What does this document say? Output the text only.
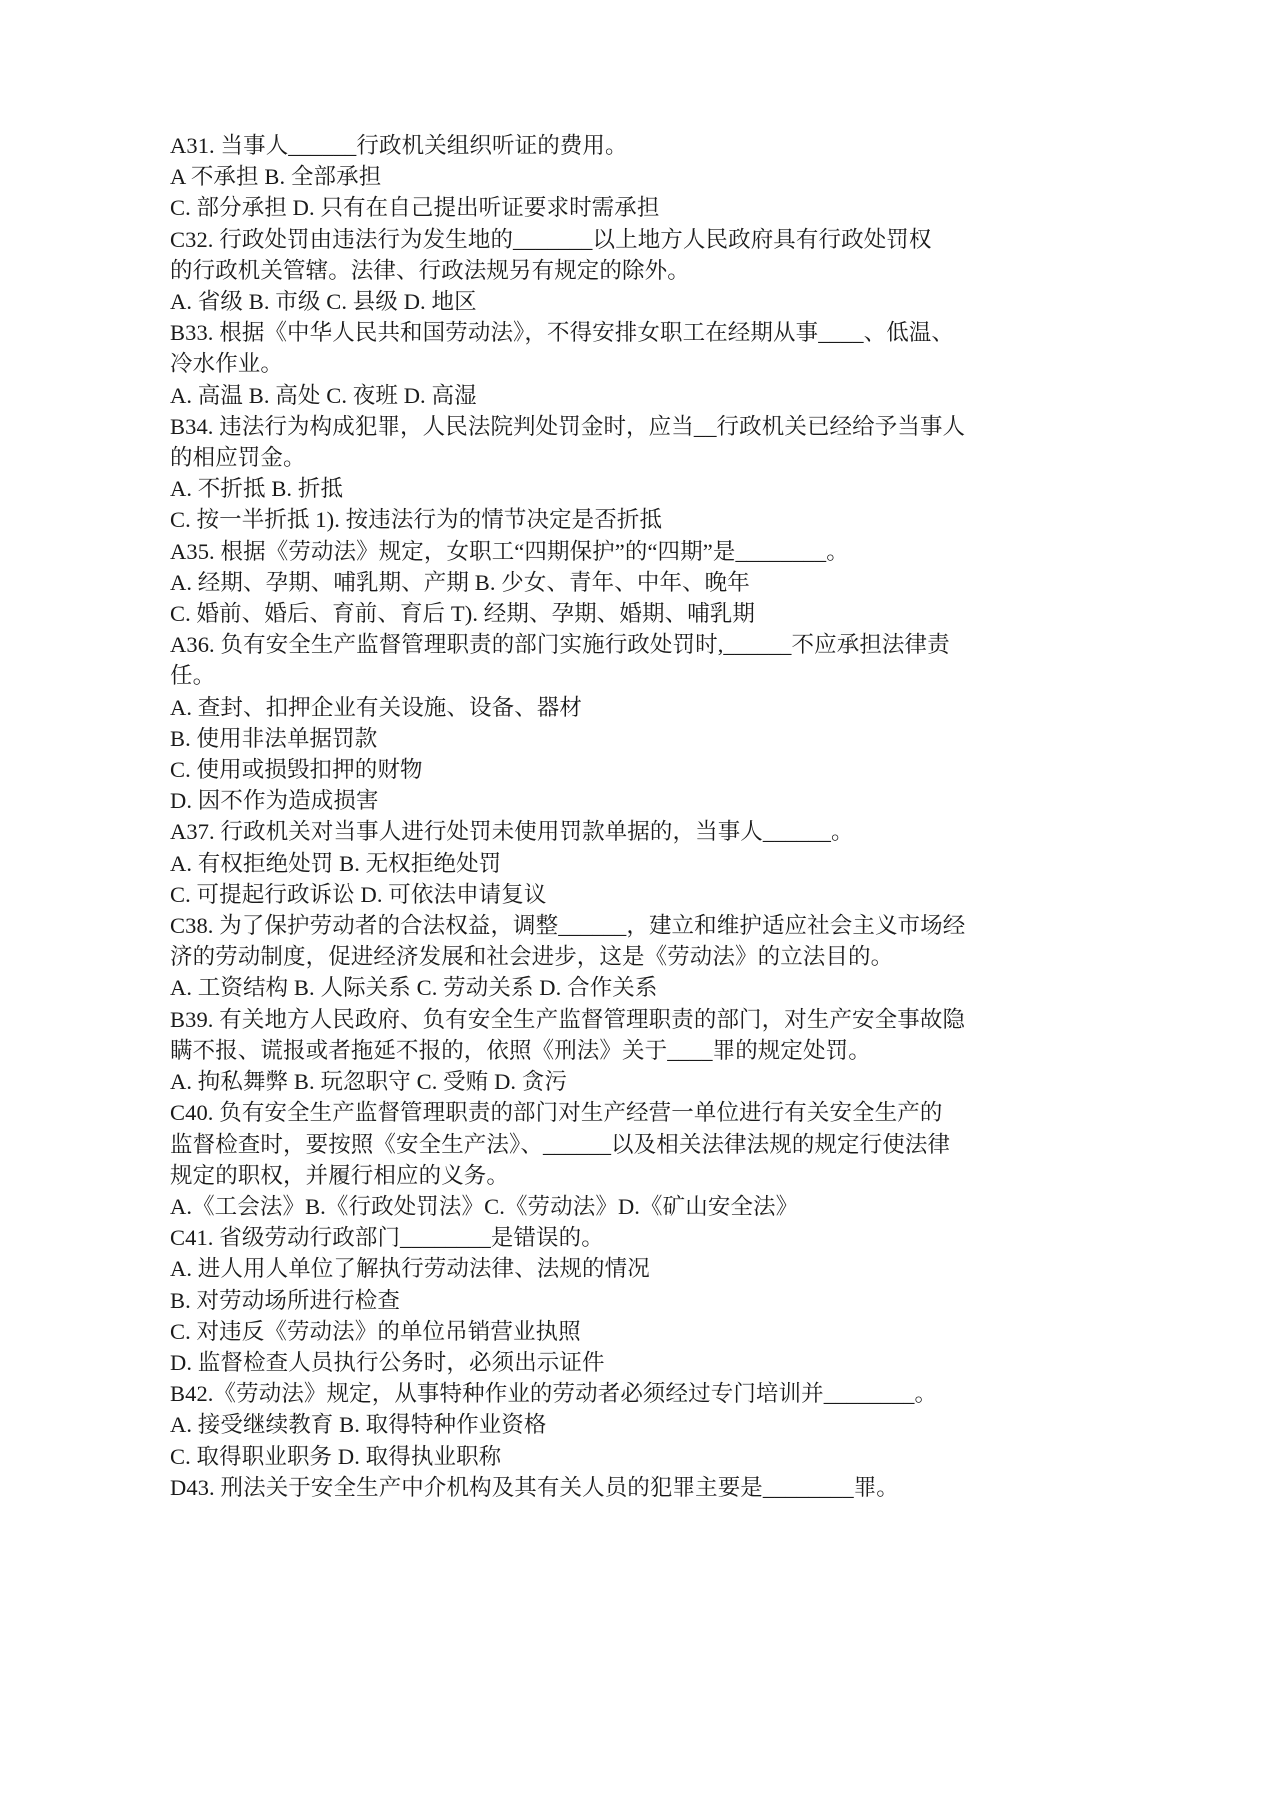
A31. 当事人______行政机关组织听证的费用。
A 不承担 B. 全部承担
C. 部分承担 D. 只有在自己提出听证要求时需承担
C32. 行政处罚由违法行为发生地的_______以上地方人民政府具有行政处罚权
的行政机关管辖。法律、行政法规另有规定的除外。
A. 省级 B. 市级 C. 县级 D. 地区
B33. 根据《中华人民共和国劳动法》，不得安排女职工在经期从事____、低温、
冷水作业。
A. 高温 B. 高处 C. 夜班 D. 高湿
B34. 违法行为构成犯罪，人民法院判处罚金时，应当__行政机关已经给予当事人
的相应罚金。
A. 不折抵 B. 折抵
C. 按一半折抵 1). 按违法行为的情节决定是否折抵
A35. 根据《劳动法》规定，女职工“四期保护”的“四期”是________。
A. 经期、孕期、哺乳期、产期 B. 少女、青年、中年、晚年
C. 婚前、婚后、育前、育后 T). 经期、孕期、婚期、哺乳期
A36. 负有安全生产监督管理职责的部门实施行政处罚时,______不应承担法律责
任。
A. 查封、扣押企业有关设施、设备、器材
B. 使用非法单据罚款
C. 使用或损毁扣押的财物
D. 因不作为造成损害
A37. 行政机关对当事人进行处罚未使用罚款单据的，当事人______。
A. 有权拒绝处罚 B. 无权拒绝处罚
C. 可提起行政诉讼 D. 可依法申请复议
C38. 为了保护劳动者的合法权益，调整______，建立和维护适应社会主义市场经
济的劳动制度，促进经济发展和社会进步，这是《劳动法》的立法目的。
A. 工资结构 B. 人际关系 C. 劳动关系 D. 合作关系
B39. 有关地方人民政府、负有安全生产监督管理职责的部门，对生产安全事故隐
瞒不报、谎报或者拖延不报的，依照《刑法》关于____罪的规定处罚。
A. 拘私舞弊 B. 玩忽职守 C. 受贿 D. 贪污
C40. 负有安全生产监督管理职责的部门对生产经营一单位进行有关安全生产的
监督检查时，要按照《安全生产法》、______以及相关法律法规的规定行使法律
规定的职权，并履行相应的义务。
A.《工会法》B.《行政处罚法》C.《劳动法》D.《矿山安全法》
C41. 省级劳动行政部门________是错误的。
A. 进人用人单位了解执行劳动法律、法规的情况
B. 对劳动场所进行检查
C. 对违反《劳动法》的单位吊销营业执照
D. 监督检查人员执行公务时，必须出示证件
B42.《劳动法》规定，从事特种作业的劳动者必须经过专门培训并________。
A. 接受继续教育 B. 取得特种作业资格
C. 取得职业职务 D. 取得执业职称
D43. 刑法关于安全生产中介机构及其有关人员的犯罪主要是________罪。
